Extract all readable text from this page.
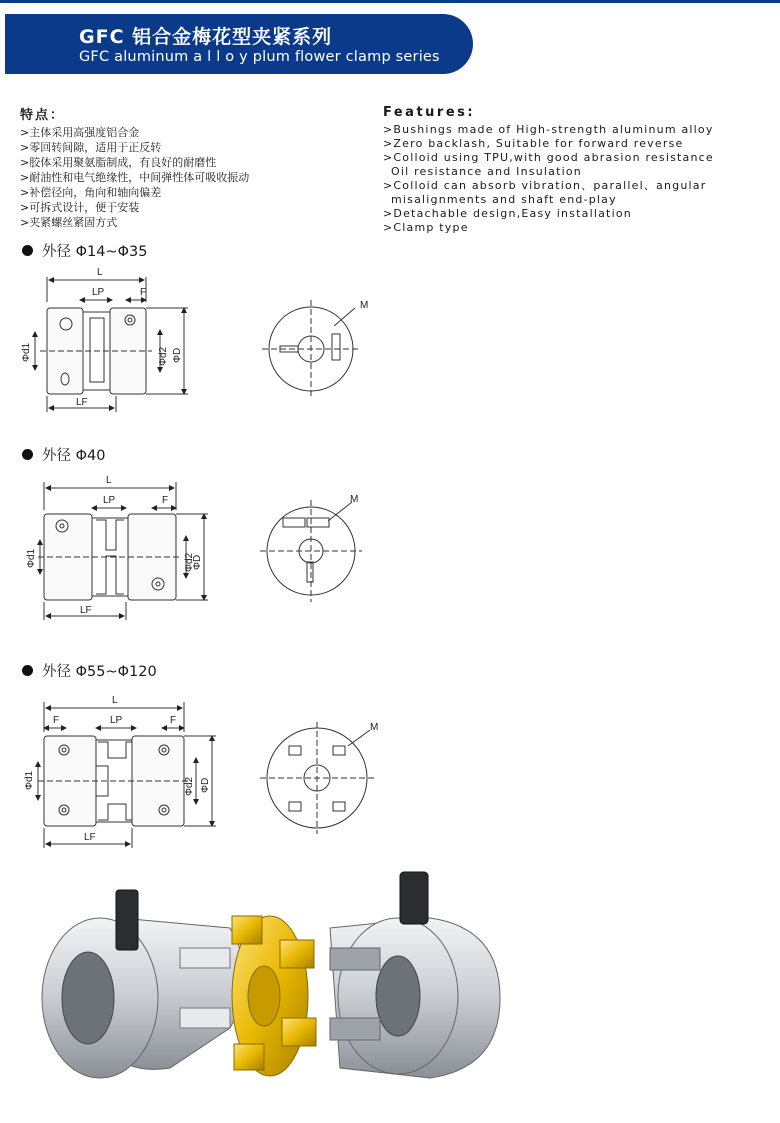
GFC 铝合金梅花型夹紧系列
GFC aluminum a l l o y plum flower clamp series
特点：
>主体采用高强度铝合金
>零回转间隙，适用于正反转
>胶体采用聚氨脂制成，有良好的耐磨性
>耐油性和电气绝缘性，中间弹性体可吸收振动
>补偿径向，角向和轴向偏差
>可拆式设计，便于安装
>夹紧螺丝紧固方式
Features:
>Bushings made of High-strength aluminum alloy
>Zero backlash, Suitable for forward reverse
>Colloid using TPU,with good abrasion resistance
Oil resistance and Insulation
>Colloid can absorb vibration、parallel、angular
misalignments and shaft end-play
>Detachable design,Easy installation
>Clamp type
外径 Φ14~Φ35
L
LP	F
LF
Φd1	Φd2 ΦD
M
外径 Φ40
L
LP	F
LF
Φd1	Φd2
ΦD
M
外径 Φ55~Φ120
L
F	LP	F
LF
Φd1	Φd2 ΦD
M
